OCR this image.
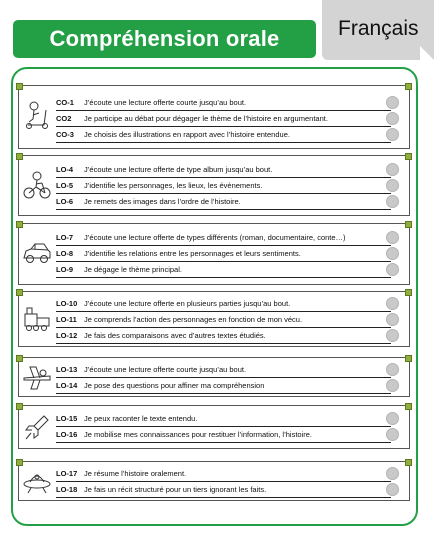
Compréhension orale	Français
CO-1 J’écoute une lecture offerte courte jusqu’au bout.
CO2 Je participe au débat pour dégager le thème de l’histoire en argumentant.
CO-3 Je choisis des illustrations en rapport avec l’histoire entendue.
LO-4 J’écoute une lecture offerte de type album jusqu’au bout.
LO-5 J’identifie les personnages, les lieux, les évènements.
LO-6 Je remets des images dans l’ordre de l’histoire.
LO-7 J’écoute une lecture offerte de types différents (roman, documentaire, conte…)
LO-8 J’identifie les relations entre les personnages et leurs sentiments.
LO-9 Je dégage le thème principal.
LO-10 J’écoute une lecture offerte en plusieurs parties jusqu’au bout.
LO-11 Je comprends l’action des personnages en fonction de mon vécu.
LO-12 Je fais des comparaisons avec d’autres textes étudiés.
LO-13 J’écoute une lecture offerte courte jusqu’au bout.
LO-14 Je pose des questions pour affiner ma compréhension
LO-15 Je peux raconter le texte entendu.
LO-16 Je mobilise mes connaissances pour restituer l’information, l’histoire.
LO-17 Je résume l’histoire oralement.
LO-18 Je fais un récit structuré pour un tiers ignorant les faits.
